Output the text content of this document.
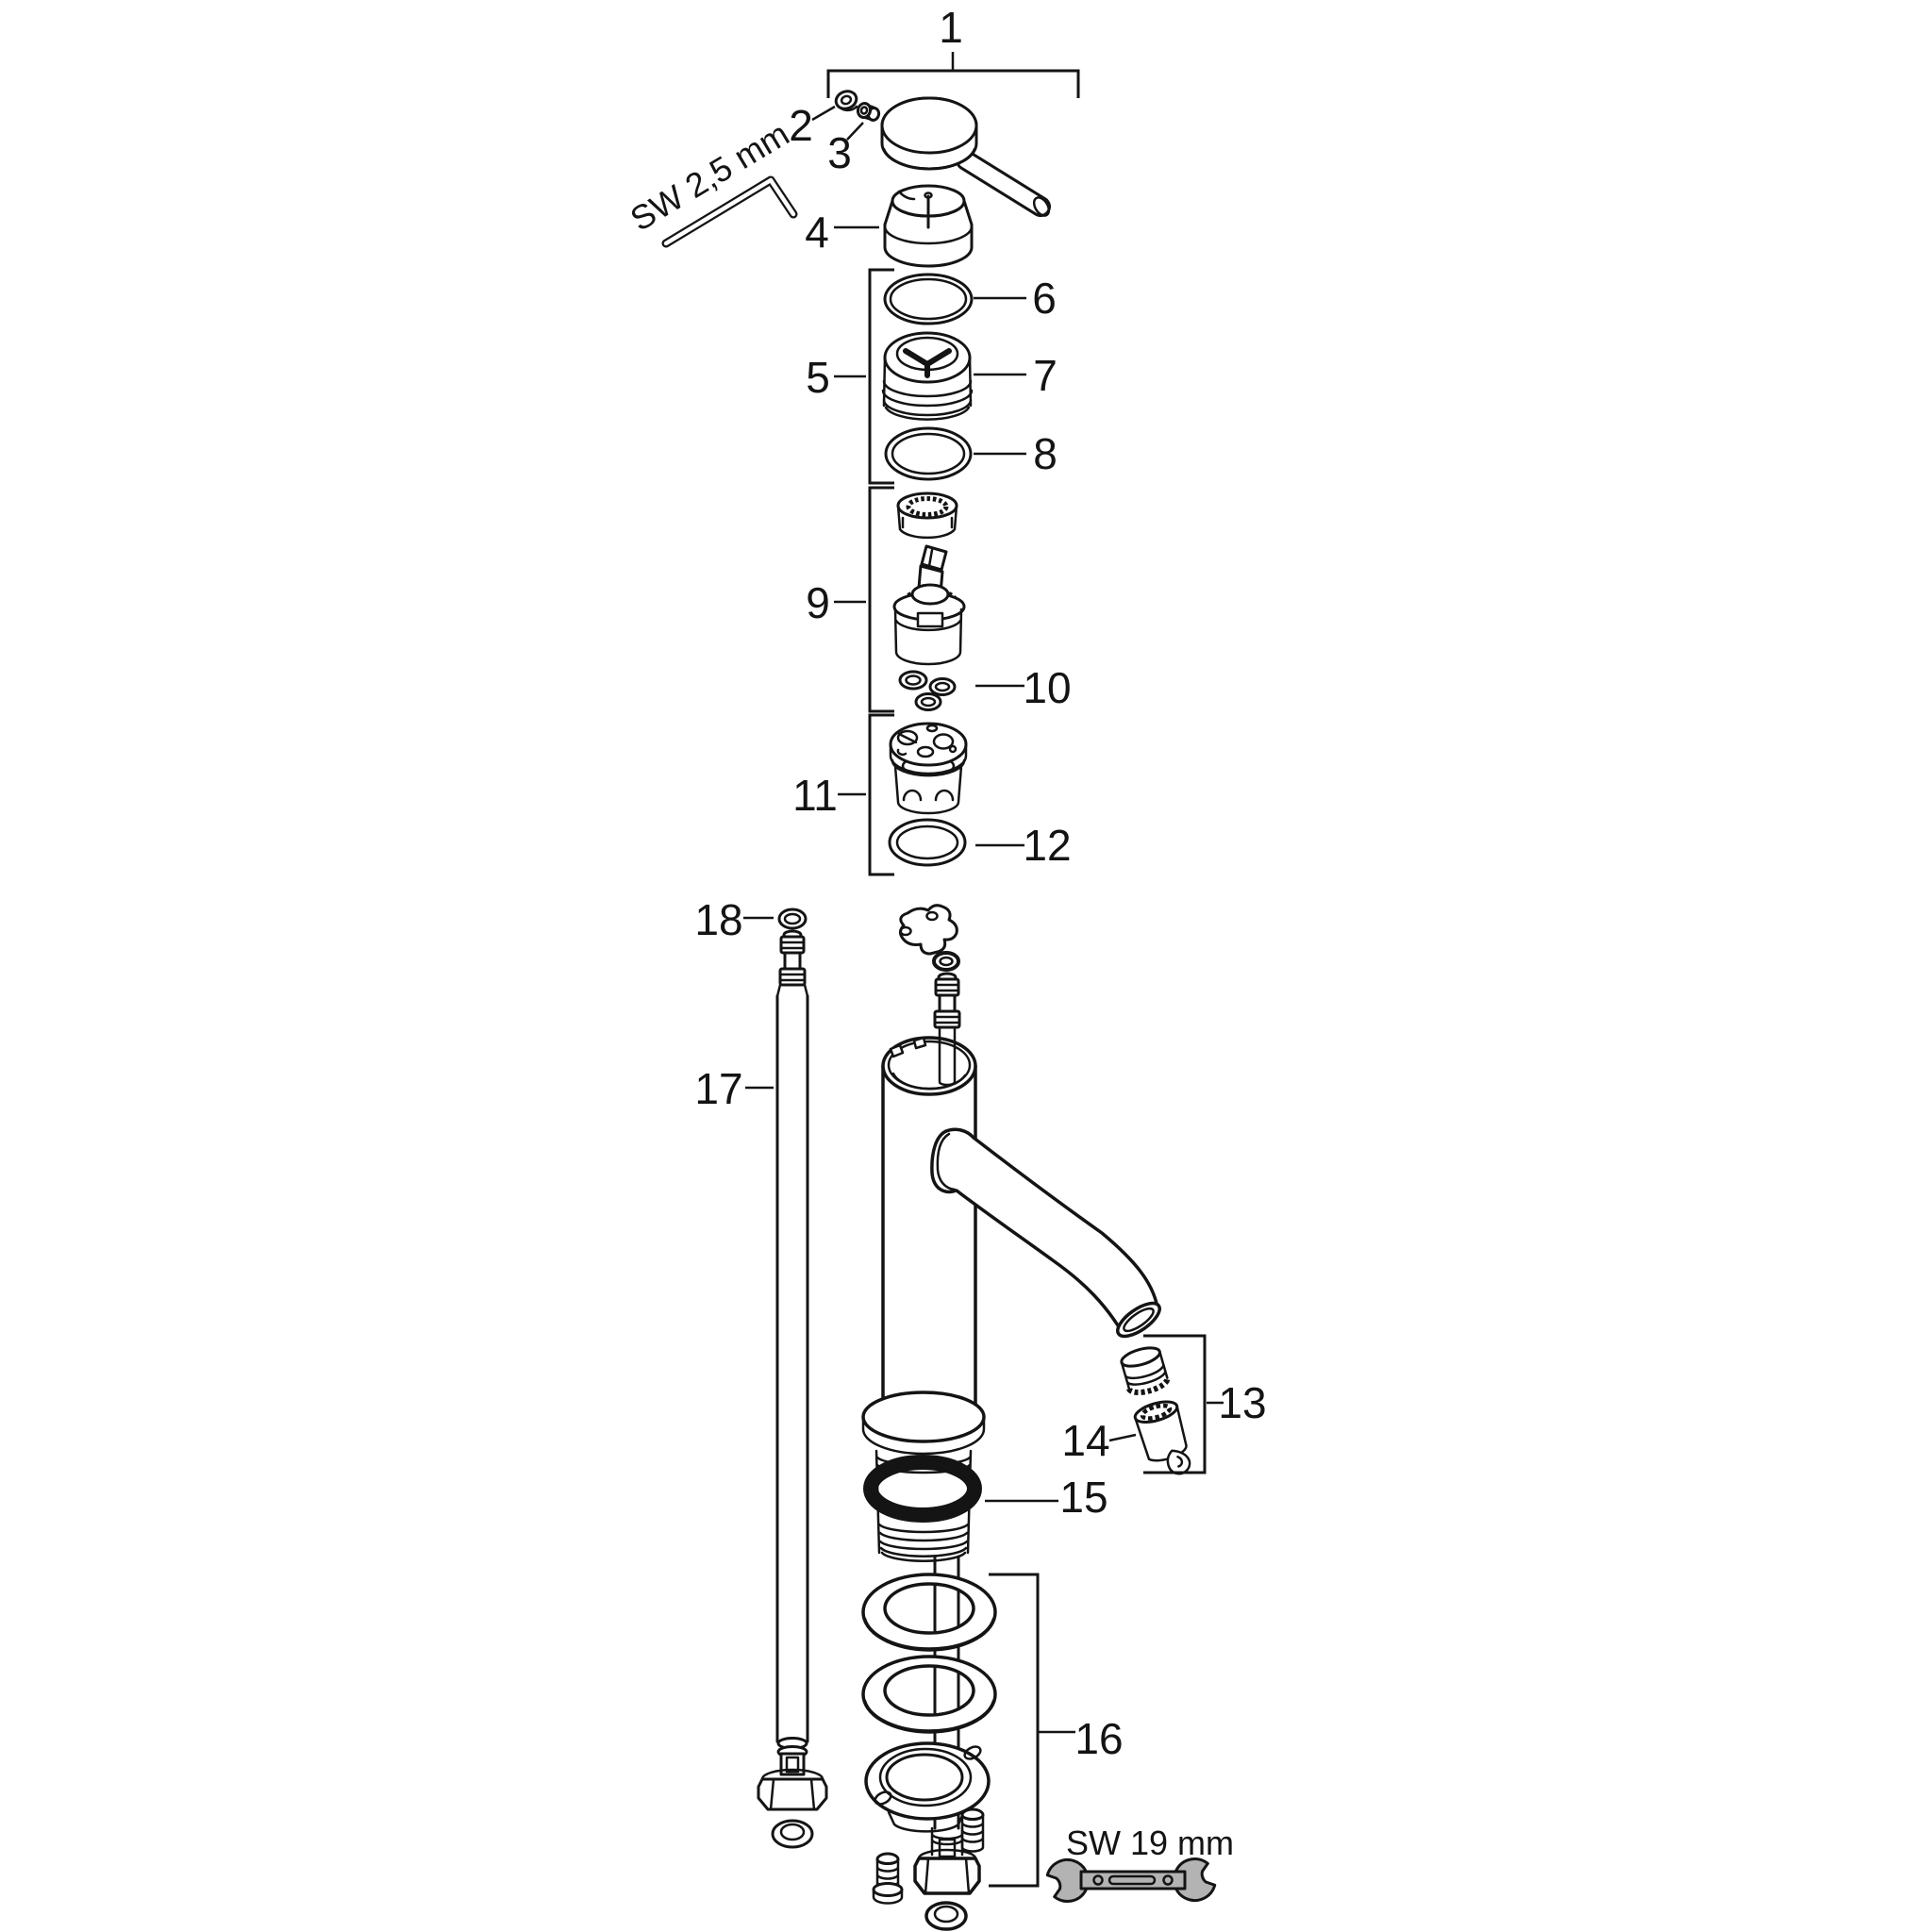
SW 2,5 mm
SW 19 mm
1
2
3
4
5
6
7
8
9
10
11
12
13
14
15
16
17
18
